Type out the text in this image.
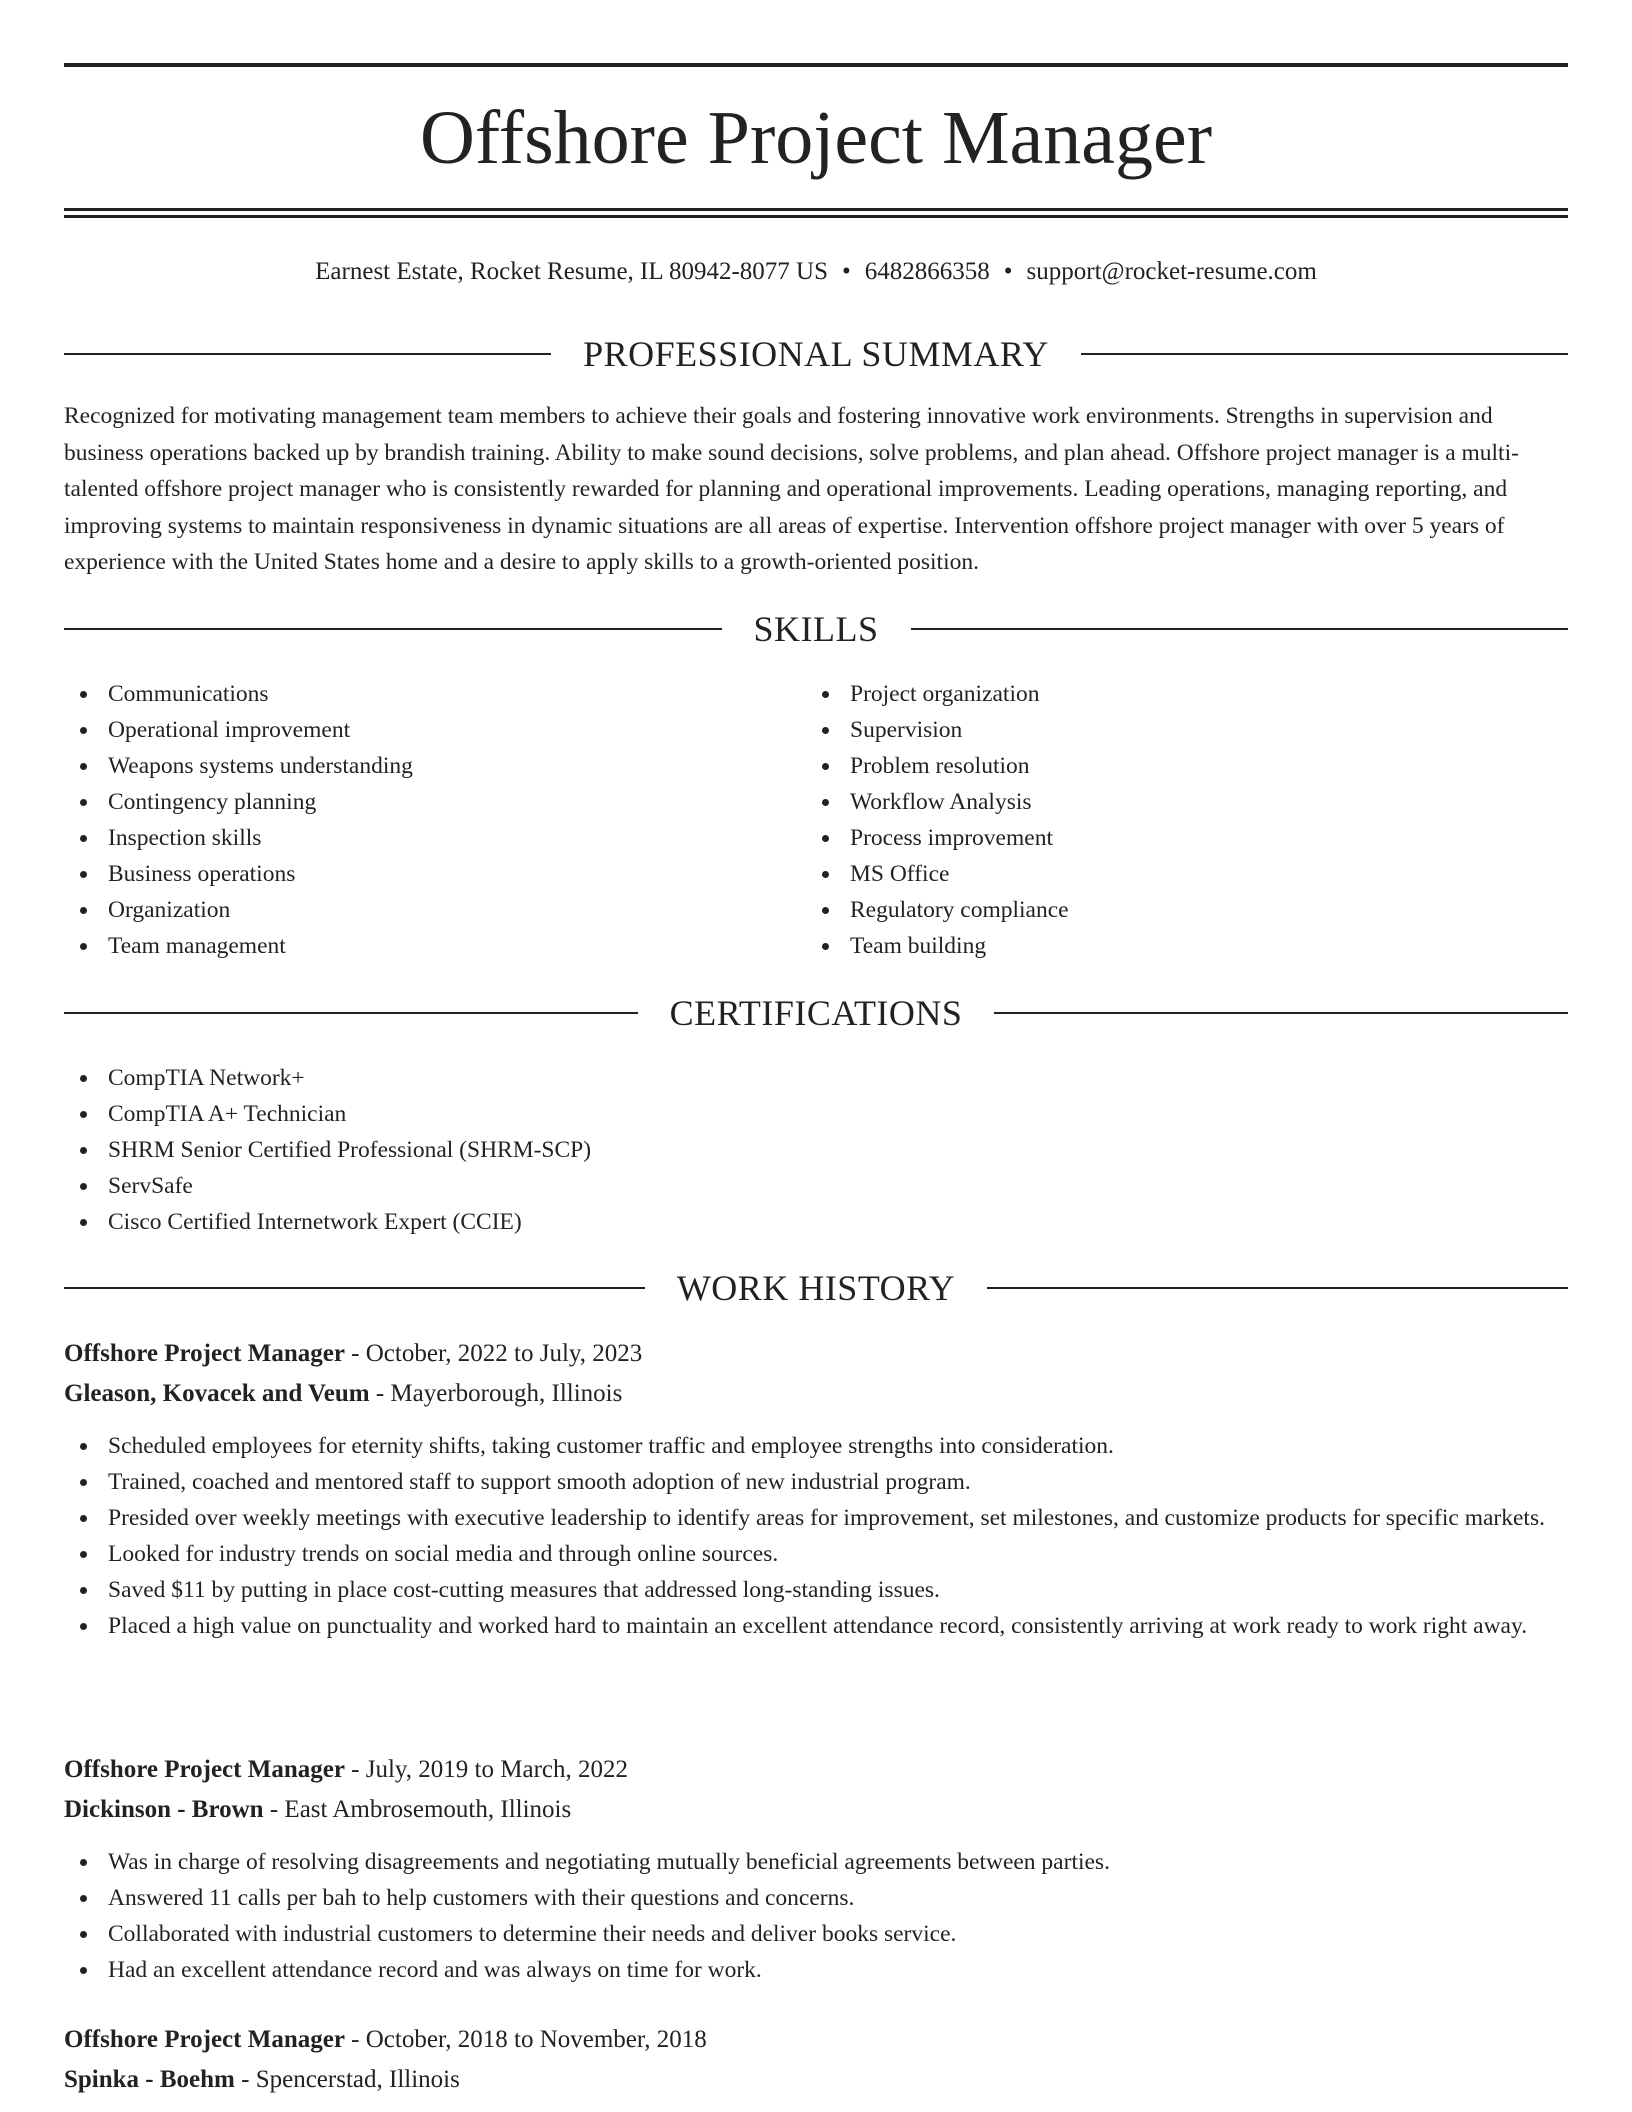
Offshore Project Manager
Earnest Estate, Rocket Resume, IL 80942-8077 US • 6482866358 • support@rocket-resume.com
PROFESSIONAL SUMMARY

Recognized for motivating management team members to achieve their goals and fostering innovative work environments. Strengths in supervision and business operations backed up by brandish training. Ability to make sound decisions, solve problems, and plan ahead. Offshore project manager is a multi-talented offshore project manager who is consistently rewarded for planning and operational improvements. Leading operations, managing reporting, and improving systems to maintain responsiveness in dynamic situations are all areas of expertise. Intervention offshore project manager with over 5 years of experience with the United States home and a desire to apply skills to a growth-oriented position.

SKILLS
Communications
Operational improvement
Weapons systems understanding
Contingency planning
Inspection skills
Business operations
Organization
Team management
Project organization
Supervision
Problem resolution
Workflow Analysis
Process improvement
MS Office
Regulatory compliance
Team building
CERTIFICATIONS
CompTIA Network+
CompTIA A+ Technician
SHRM Senior Certified Professional (SHRM-SCP)
ServSafe
Cisco Certified Internetwork Expert (CCIE)
WORK HISTORY
Offshore Project Manager - October, 2022 to July, 2023
Gleason, Kovacek and Veum - Mayerborough, Illinois
Scheduled employees for eternity shifts, taking customer traffic and employee strengths into consideration.
Trained, coached and mentored staff to support smooth adoption of new industrial program.
Presided over weekly meetings with executive leadership to identify areas for improvement, set milestones, and customize products for specific markets.
Looked for industry trends on social media and through online sources.
Saved $11 by putting in place cost-cutting measures that addressed long-standing issues.
Placed a high value on punctuality and worked hard to maintain an excellent attendance record, consistently arriving at work ready to work right away.
Offshore Project Manager - July, 2019 to March, 2022
Dickinson - Brown - East Ambrosemouth, Illinois
Was in charge of resolving disagreements and negotiating mutually beneficial agreements between parties.
Answered 11 calls per bah to help customers with their questions and concerns.
Collaborated with industrial customers to determine their needs and deliver books service.
Had an excellent attendance record and was always on time for work.
Offshore Project Manager - October, 2018 to November, 2018
Spinka - Boehm - Spencerstad, Illinois
